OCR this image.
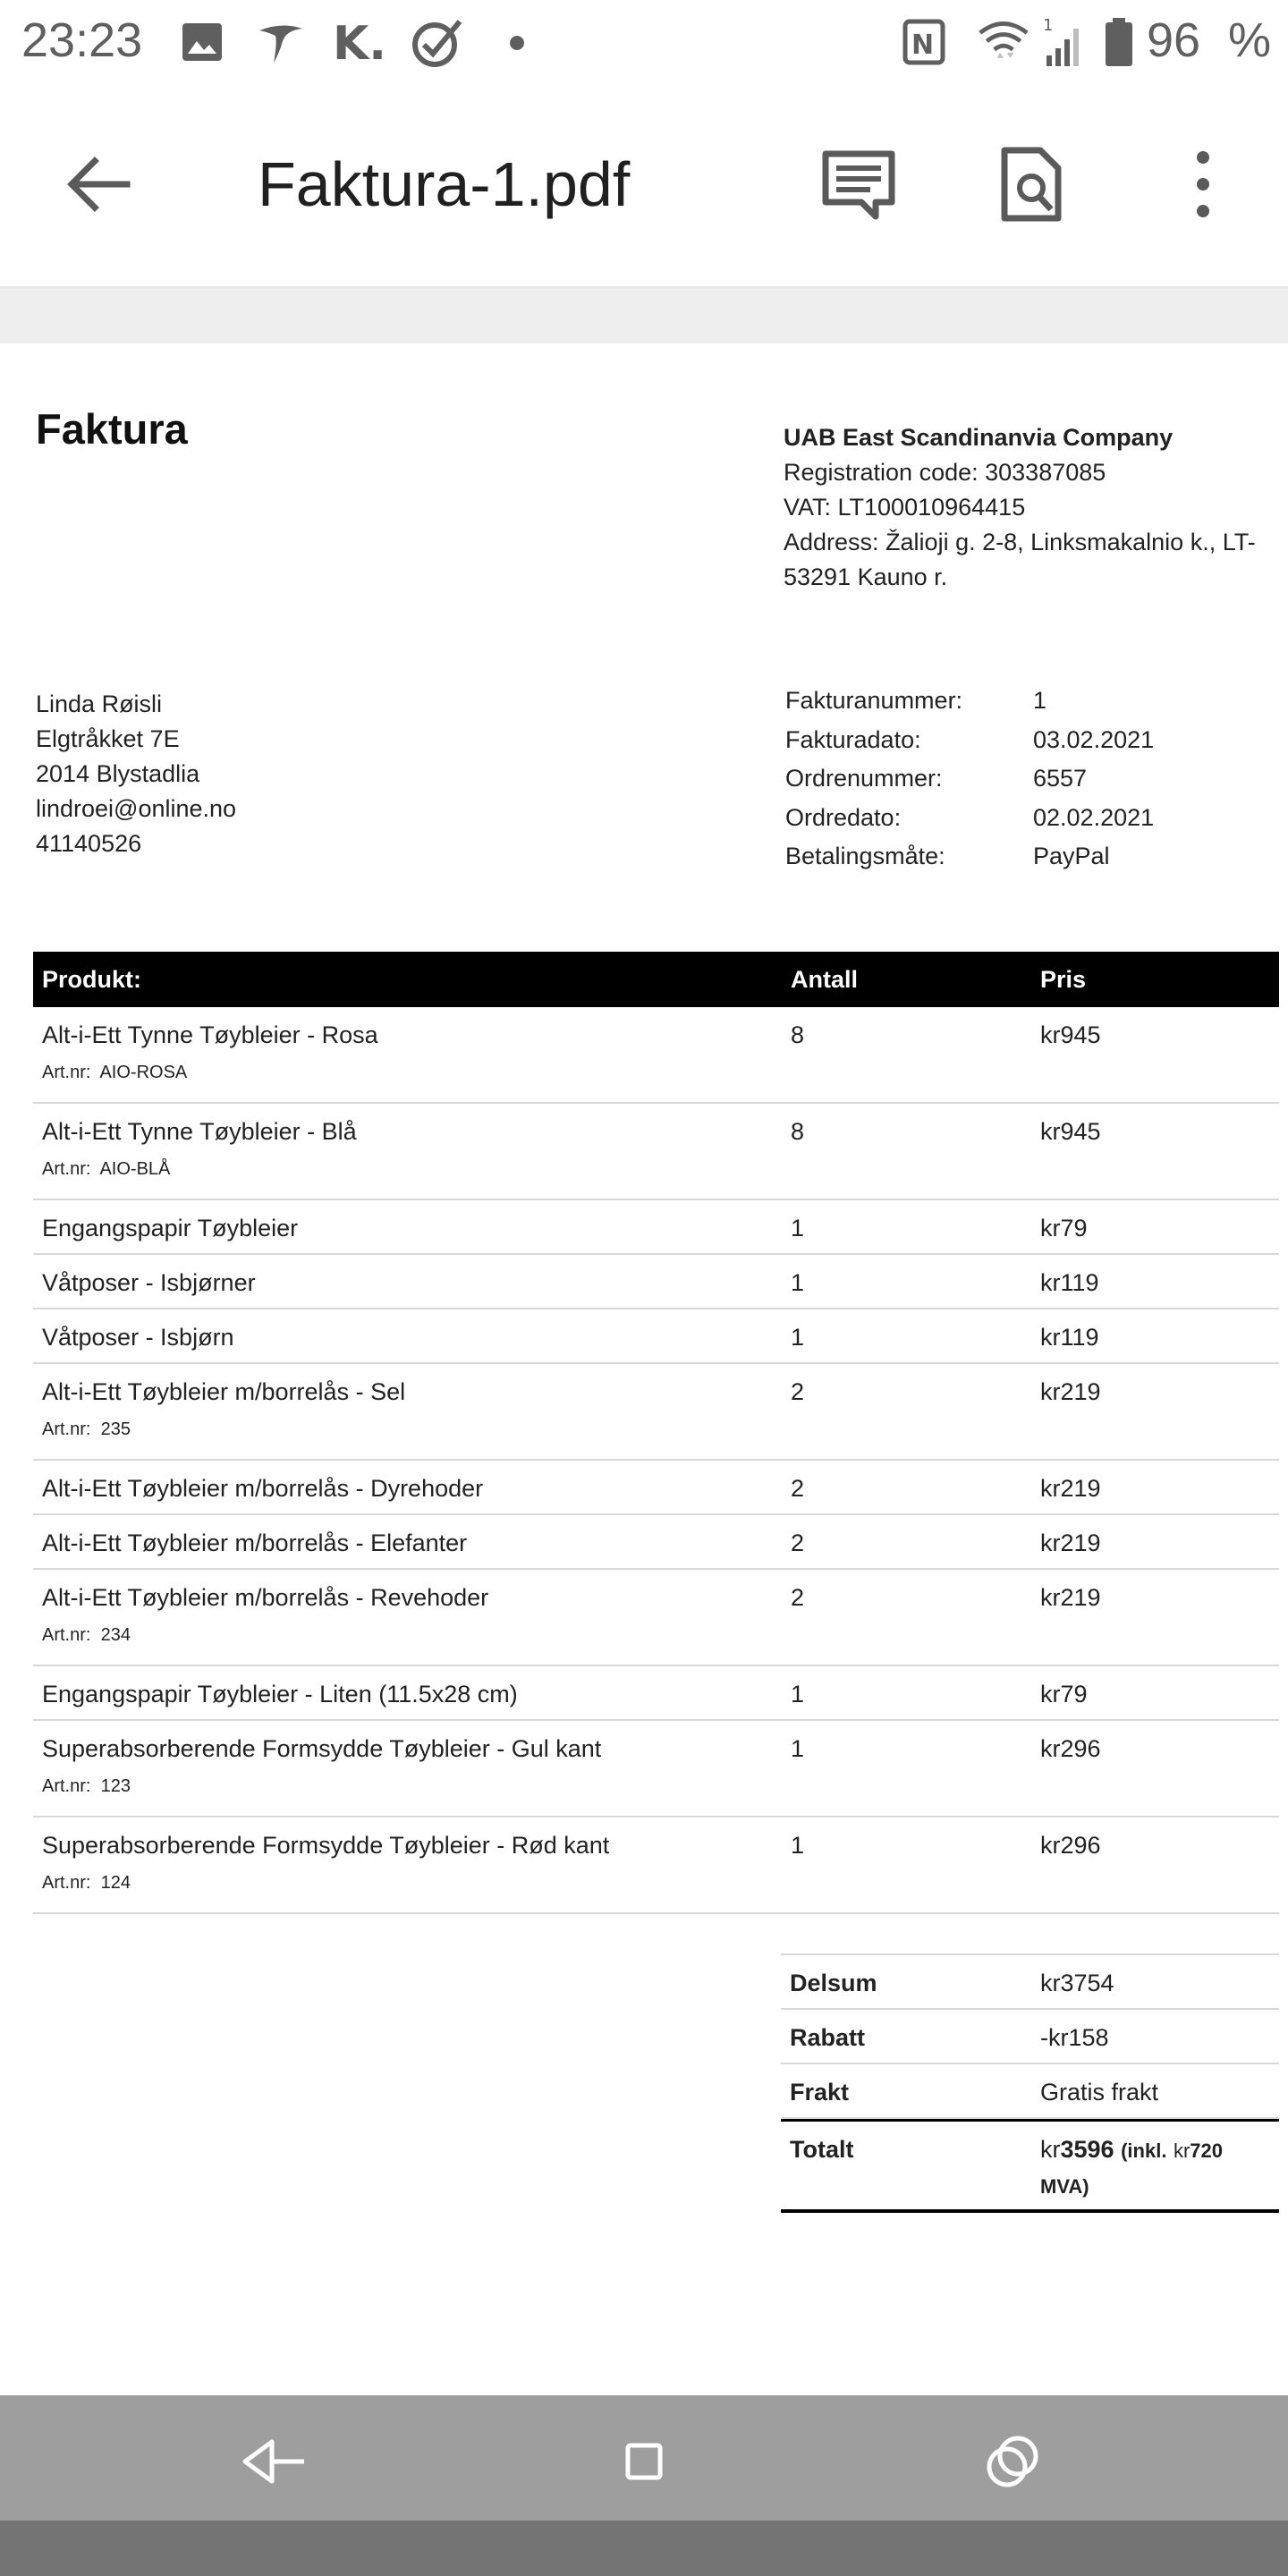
23:23	K.	N
1 96 %
Faktura-1.pdf
Faktura	UAB East Scandinanvia Company
Registration code: 303387085
VAT: LT100010964415
Address: Žalioji g. 2-8, Linksmakalnio k., LT-
53291 Kauno r.
Linda Røisli
Elgtråkket 7E
2014 Blystadlia
lindroei@online.no
41140526
Fakturanummer:	1
Fakturadato:	03.02.2021
Ordrenummer:	6557
Ordredato:	02.02.2021
Betalingsmåte:	PayPal
Produkt:	Antall	Pris
Alt-i-Ett Tynne Tøybleier - Rosa	8	kr945
Art.nr: AIO-ROSA
Alt-i-Ett Tynne Tøybleier - Blå	8	kr945
Art.nr: AIO-BLÅ
Engangspapir Tøybleier	1	kr79
Våtposer - Isbjørner	1	kr119
Våtposer - Isbjørn	1	kr119
Alt-i-Ett Tøybleier m/borrelås - Sel	2	kr219
Art.nr: 235
Alt-i-Ett Tøybleier m/borrelås - Dyrehoder	2	kr219
Alt-i-Ett Tøybleier m/borrelås - Elefanter	2	kr219
Alt-i-Ett Tøybleier m/borrelås - Revehoder	2	kr219
Art.nr: 234
Engangspapir Tøybleier - Liten (11.5x28 cm)	1	kr79
Superabsorberende Formsydde Tøybleier - Gul kant	1	kr296
Art.nr: 123
Superabsorberende Formsydde Tøybleier - Rød kant	1	kr296
Art.nr: 124
Delsum	kr3754
Rabatt	-kr158
Frakt	Gratis frakt
Totalt	kr3596 (inkl. kr720
MVA)
